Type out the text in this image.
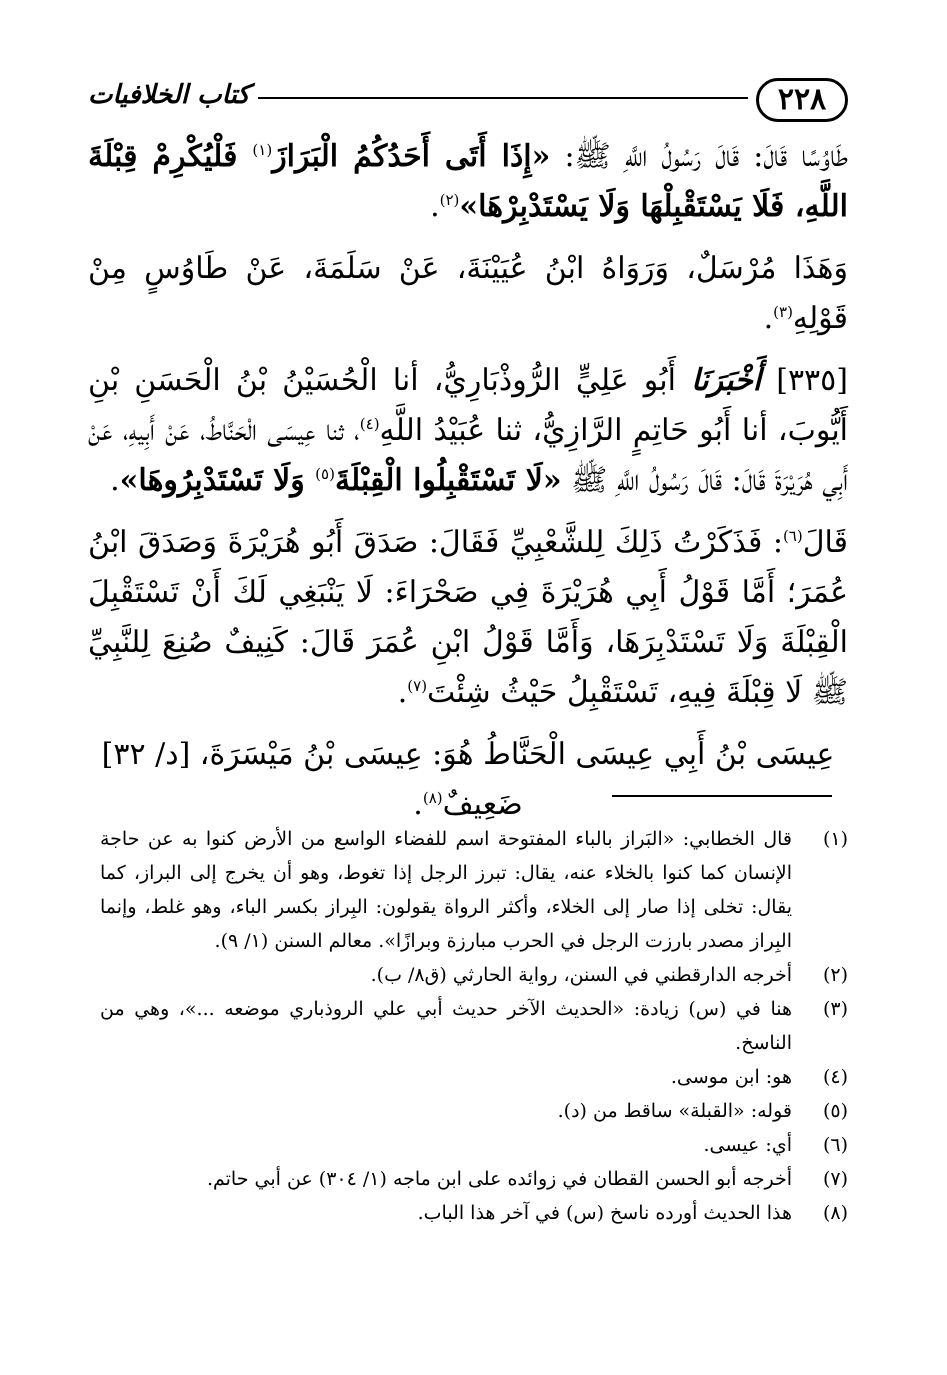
٢٢٨
كتاب الخلافيات

طَاوُسًا قَالَ: قَالَ رَسُولُ اللَّهِ ﷺ: «إِذَا أَتَى أَحَدُكُمُ الْبَرَازَ$^{(١)}$ فَلْيُكْرِمْ قِبْلَةَ اللَّهِ، فَلَا يَسْتَقْبِلْهَا وَلَا يَسْتَدْبِرْهَا»$^{(٢)}$.

وَهَذَا مُرْسَلٌ، وَرَوَاهُ ابْنُ عُيَيْنَةَ، عَنْ سَلَمَةَ، عَنْ طَاوُسٍ مِنْ قَوْلِهِ$^{(٣)}$.

[٣٣٥] أَخْبَرَنَا أَبُو عَلِيٍّ الرُّوذْبَارِيُّ، أنا الْحُسَيْنُ بْنُ الْحَسَنِ بْنِ أَيُّوبَ، أنا أَبُو حَاتِمٍ الرَّازِيُّ، ثنا عُبَيْدُ اللَّهِ$^{(٤)}$، ثنا عِيسَى الْحَنَّاطُ، عَنْ أَبِيهِ، عَنْ أَبِي هُرَيْرَةَ قَالَ: قَالَ رَسُولُ اللَّهِ ﷺ «لَا تَسْتَقْبِلُوا الْقِبْلَةَ$^{(٥)}$ وَلَا تَسْتَدْبِرُوهَا».

قَالَ$^{(٦)}$: فَذَكَرْتُ ذَلِكَ لِلشَّعْبِيِّ فَقَالَ: صَدَقَ أَبُو هُرَيْرَةَ وَصَدَقَ ابْنُ عُمَرَ؛ أَمَّا قَوْلُ أَبِي هُرَيْرَةَ فِي صَحْرَاءَ: لَا يَنْبَغِي لَكَ أَنْ تَسْتَقْبِلَ الْقِبْلَةَ وَلَا تَسْتَدْبِرَهَا، وَأَمَّا قَوْلُ ابْنِ عُمَرَ قَالَ: كَنِيفٌ صُنِعَ لِلنَّبِيِّ ﷺ لَا قِبْلَةَ فِيهِ، تَسْتَقْبِلُ حَيْثُ شِئْتَ$^{(٧)}$.

عِيسَى بْنُ أَبِي عِيسَى الْحَنَّاطُ هُوَ: عِيسَى بْنُ مَيْسَرَةَ، [د/ ٣٢] ضَعِيفٌ$^{(٨)}$.

(١)
قال الخطابي: «البَراز بالباء المفتوحة اسم للفضاء الواسع من الأرض كنوا به عن حاجة الإنسان كما كنوا بالخلاء عنه، يقال: تبرز الرجل إذا تغوط، وهو أن يخرج إلى البراز، كما يقال: تخلى إذا صار إلى الخلاء، وأكثر الرواة يقولون: البِراز بكسر الباء، وهو غلط، وإنما البِراز مصدر بارزت الرجل في الحرب مبارزة وبرازًا». معالم السنن (١/ ٩).
(٢)
أخرجه الدارقطني في السنن، رواية الحارثي (ق٨/ ب).
(٣)
هنا في (س) زيادة: «الحديث الآخر حديث أبي علي الروذباري موضعه ...»، وهي من الناسخ.
(٤)
هو: ابن موسى.
(٥)
قوله: «القبلة» ساقط من (د).
(٦)
أي: عيسى.
(٧)
أخرجه أبو الحسن القطان في زوائده على ابن ماجه (١/ ٣٠٤) عن أبي حاتم.
(٨)
هذا الحديث أورده ناسخ (س) في آخر هذا الباب.
